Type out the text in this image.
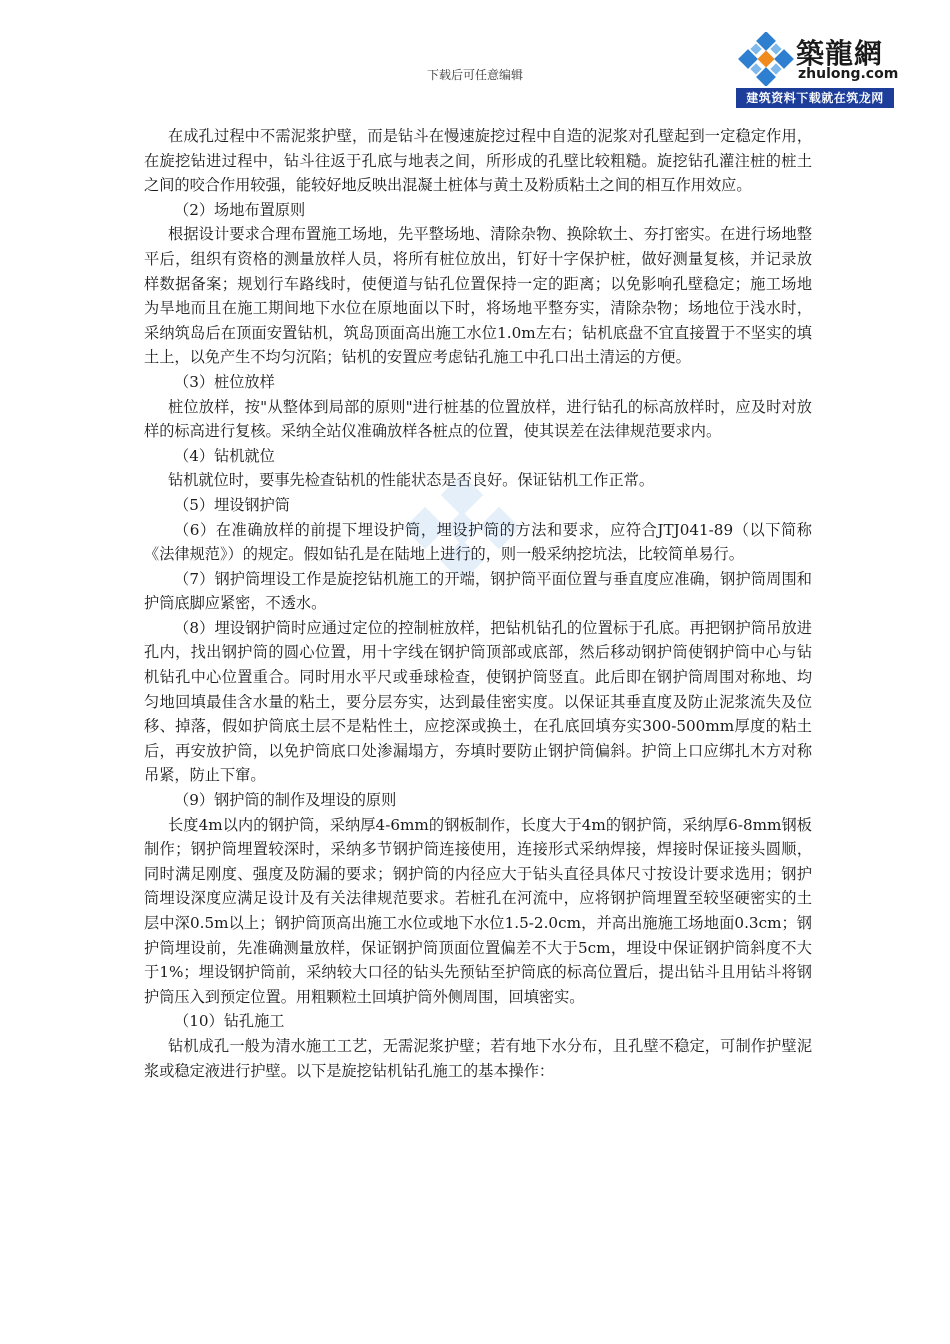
下载后可任意编辑
築龍網
zhulong.com
建筑资料下载就在筑龙网

在成孔过程中不需泥浆护壁，而是钻斗在慢速旋挖过程中自造的泥浆对孔壁起到一定稳定作用，在旋挖钻进过程中，钻斗往返于孔底与地表之间，所形成的孔壁比较粗糙。旋挖钻孔灌注桩的桩土之间的咬合作用较强，能较好地反映出混凝土桩体与黄土及粉质粘土之间的相互作用效应。

（2）场地布置原则

根据设计要求合理布置施工场地，先平整场地、清除杂物、换除软土、夯打密实。在进行场地整平后，组织有资格的测量放样人员，将所有桩位放出，钉好十字保护桩，做好测量复核，并记录放样数据备案；规划行车路线时，使便道与钻孔位置保持一定的距离；以免影响孔壁稳定；施工场地为旱地而且在施工期间地下水位在原地面以下时，将场地平整夯实，清除杂物；场地位于浅水时，采纳筑岛后在顶面安置钻机，筑岛顶面高出施工水位1.0m左右；钻机底盘不宜直接置于不坚实的填土上，以免产生不均匀沉陷；钻机的安置应考虑钻孔施工中孔口出土清运的方便。

（3）桩位放样

桩位放样，按"从整体到局部的原则"进行桩基的位置放样，进行钻孔的标高放样时，应及时对放样的标高进行复核。采纳全站仪准确放样各桩点的位置，使其误差在法律规范要求内。

（4）钻机就位

钻机就位时，要事先检查钻机的性能状态是否良好。保证钻机工作正常。

（5）埋设钢护筒

（6）在准确放样的前提下埋设护筒，埋设护筒的方法和要求，应符合JTJ041-89（以下简称《法律规范》）的规定。假如钻孔是在陆地上进行的，则一般采纳挖坑法，比较简单易行。

（7）钢护筒埋设工作是旋挖钻机施工的开端，钢护筒平面位置与垂直度应准确，钢护筒周围和护筒底脚应紧密，不透水。

（8）埋设钢护筒时应通过定位的控制桩放样，把钻机钻孔的位置标于孔底。再把钢护筒吊放进孔内，找出钢护筒的圆心位置，用十字线在钢护筒顶部或底部，然后移动钢护筒使钢护筒中心与钻机钻孔中心位置重合。同时用水平尺或垂球检查，使钢护筒竖直。此后即在钢护筒周围对称地、均匀地回填最佳含水量的粘土，要分层夯实，达到最佳密实度。以保证其垂直度及防止泥浆流失及位移、掉落，假如护筒底土层不是粘性土，应挖深或换土，在孔底回填夯实300-500mm厚度的粘土后，再安放护筒，以免护筒底口处渗漏塌方，夯填时要防止钢护筒偏斜。护筒上口应绑扎木方对称吊紧，防止下窜。

（9）钢护筒的制作及埋设的原则

长度4m以内的钢护筒，采纳厚4-6mm的钢板制作，长度大于4m的钢护筒，采纳厚6-8mm钢板制作；钢护筒埋置较深时，采纳多节钢护筒连接使用，连接形式采纳焊接，焊接时保证接头圆顺，同时满足刚度、强度及防漏的要求；钢护筒的内径应大于钻头直径具体尺寸按设计要求选用；钢护筒埋设深度应满足设计及有关法律规范要求。若桩孔在河流中，应将钢护筒埋置至较坚硬密实的土层中深0.5m以上；钢护筒顶高出施工水位或地下水位1.5-2.0cm，并高出施施工场地面0.3cm；钢护筒埋设前，先准确测量放样，保证钢护筒顶面位置偏差不大于5cm，埋设中保证钢护筒斜度不大于1%；埋设钢护筒前，采纳较大口径的钻头先预钻至护筒底的标高位置后，提出钻斗且用钻斗将钢护筒压入到预定位置。用粗颗粒土回填护筒外侧周围，回填密实。

（10）钻孔施工

钻机成孔一般为清水施工工艺，无需泥浆护壁；若有地下水分布，且孔壁不稳定，可制作护壁泥浆或稳定液进行护壁。以下是旋挖钻机钻孔施工的基本操作：
